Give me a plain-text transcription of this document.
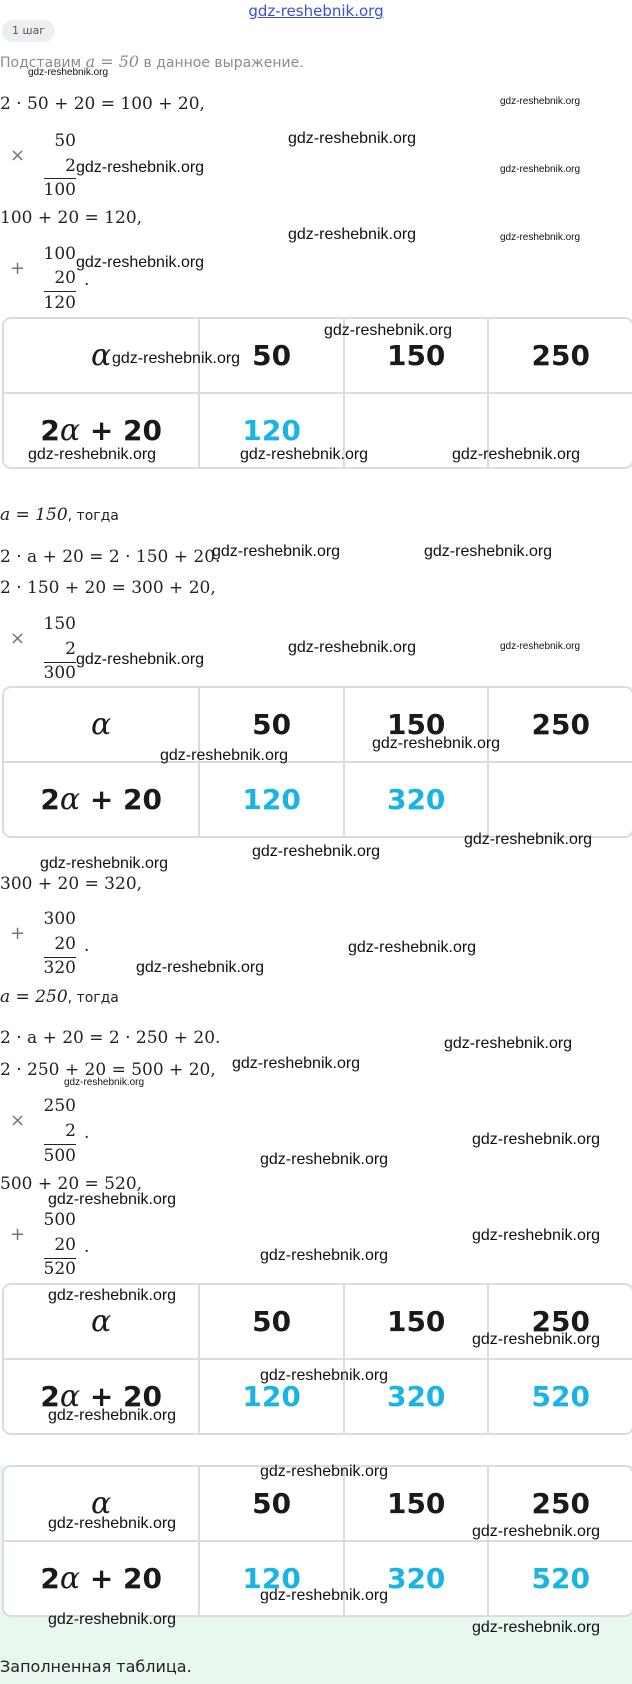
gdz-reshebnik.org
1 шаг
Подставим a = 50 в данное выражение.
2 · 50 + 20 = 100 + 20,
×
50
2
100
100 + 20 = 120,
+
100
20 .
120
α	50	150	250
2 α + 20	120
a = 150, тогда
2 · a + 20 = 2 · 150 + 20.
2 · 150 + 20 = 300 + 20,
×
150
2
300
α	50	150	250
2 α + 20	120	320
300 + 20 = 320,
+
300
20 .
320
a = 250, тогда
2 · a + 20 = 2 · 250 + 20.
2 · 250 + 20 = 500 + 20,
×
250
2 .
500
500 + 20 = 520,
+
500
20 .
520
α	50	150	250
2 α + 20	120	320	520
α	50	150	250
2 α + 20	120	320	520
Заполненная таблица.
gdz-reshebnik.org
gdz-reshebnik.org
gdz-reshebnik.org
gdz-reshebnik.org	gdz-reshebnik.org
gdz-reshebnik.org	gdz-reshebnik.org
gdz-reshebnik.org
gdz-reshebnik.org
gdz-reshebnik.org
gdz-reshebnik.org	gdz-reshebnik.org	gdz-reshebnik.org
gdz-reshebnik.org	gdz-reshebnik.org
gdz-reshebnik.org	gdz-reshebnik.org
gdz-reshebnik.org
gdz-reshebnik.org
gdz-reshebnik.org
gdz-reshebnik.org
gdz-reshebnik.org
gdz-reshebnik.org
gdz-reshebnik.org
gdz-reshebnik.org
gdz-reshebnik.org
gdz-reshebnik.org
gdz-reshebnik.org
gdz-reshebnik.org
gdz-reshebnik.org
gdz-reshebnik.org
gdz-reshebnik.org
gdz-reshebnik.org
gdz-reshebnik.org
gdz-reshebnik.org
gdz-reshebnik.org
gdz-reshebnik.org
gdz-reshebnik.org
gdz-reshebnik.org
gdz-reshebnik.org
gdz-reshebnik.org
gdz-reshebnik.org	gdz-reshebnik.org
